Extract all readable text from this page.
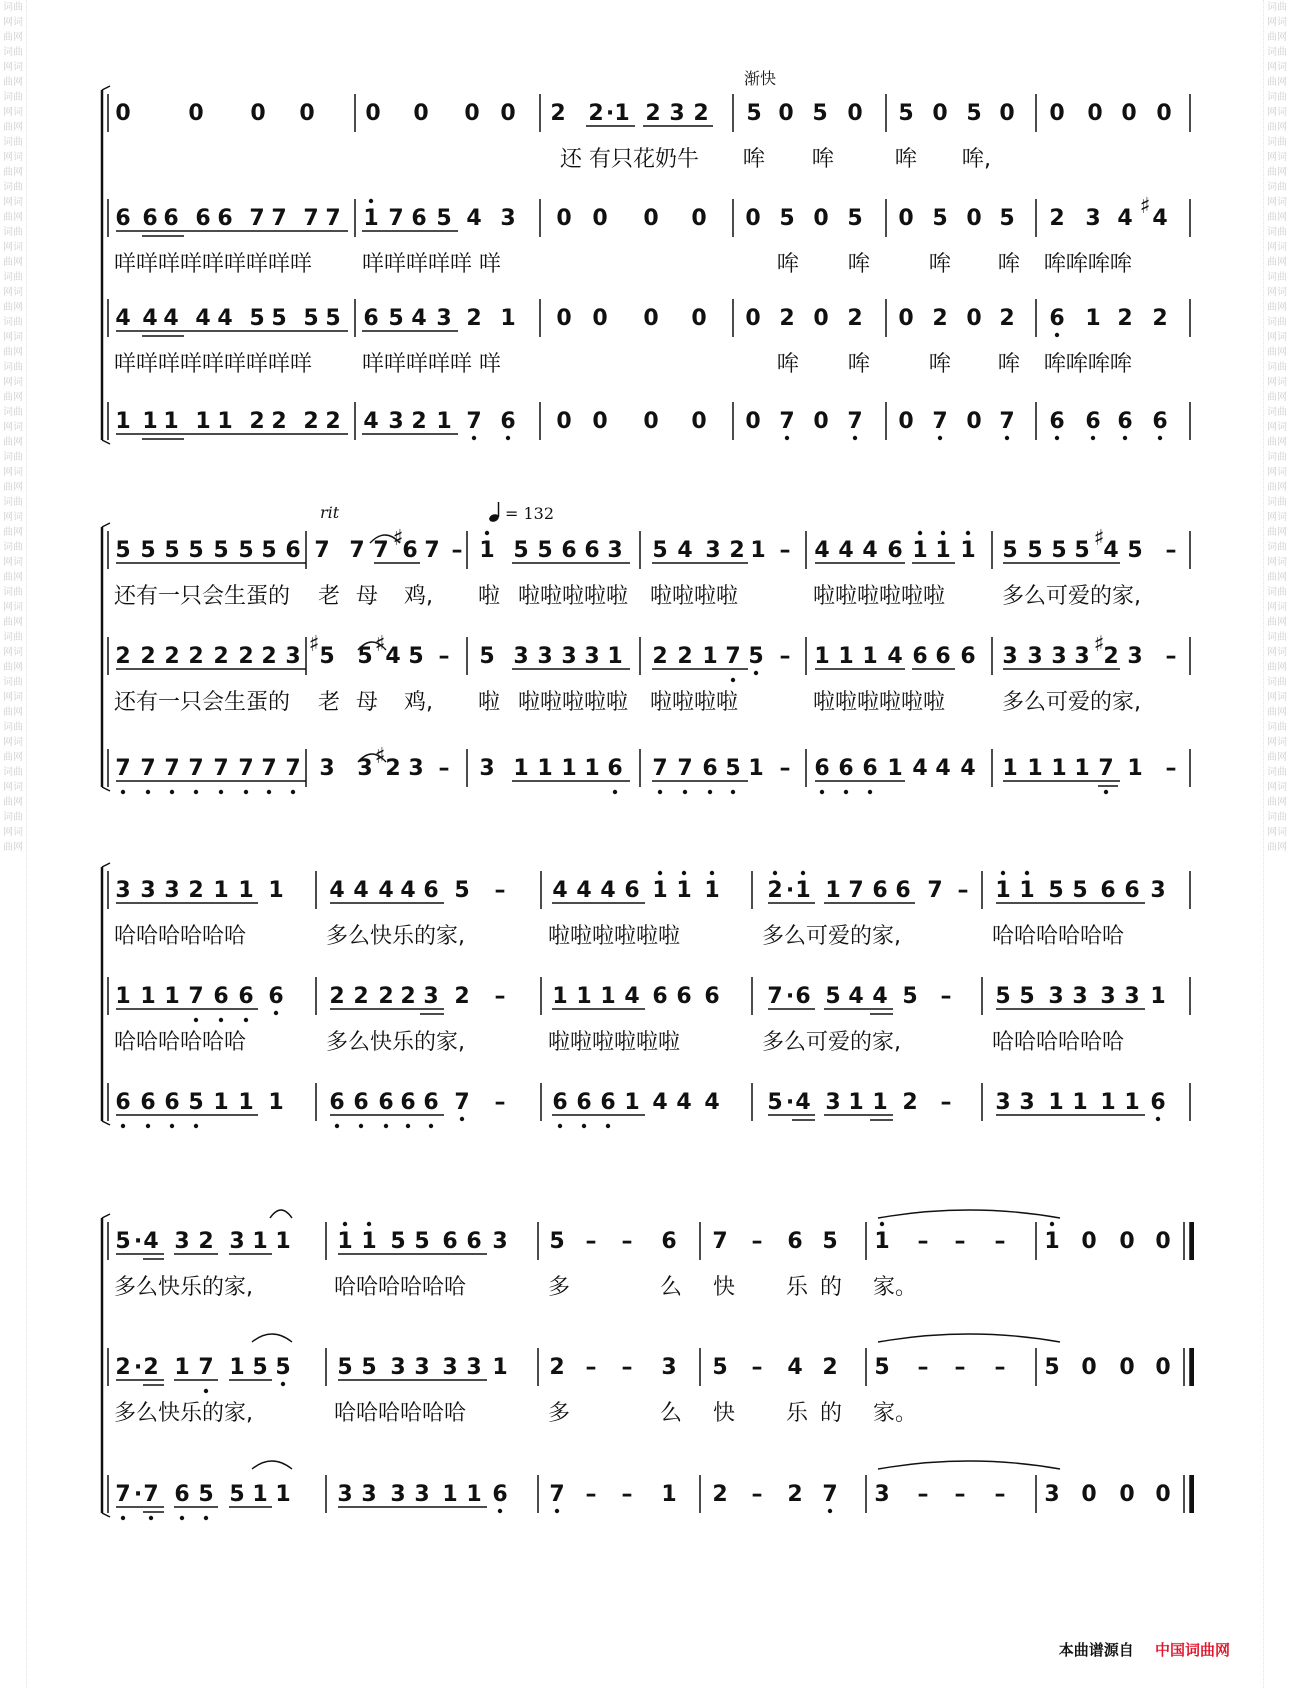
词曲网词曲网词曲网词曲网词曲网词曲网词曲网词曲网词曲网词曲网词曲网词曲网词曲网词曲网词曲网词曲网词曲网词曲网词曲网词曲网词曲网词曲网词曲网词曲网词曲网词曲网词曲网词曲网词曲网词曲网词曲网词曲网词曲网词曲网词曲网词曲网词曲网词曲网
词曲网词曲网词曲网词曲网词曲网词曲网词曲网词曲网词曲网词曲网词曲网词曲网词曲网词曲网词曲网词曲网词曲网词曲网词曲网词曲网词曲网词曲网词曲网词曲网词曲网词曲网词曲网词曲网词曲网词曲网词曲网词曲网词曲网词曲网词曲网词曲网词曲网词曲网
0	0 0 0 0 0 0 0 2 2 · 1 2 3 2 5 0 5 0 5 0 5 0 0 0 0 0
还 有只花奶牛 哞 哞	哞 哞,
6 6 6 6 6 7 7 7 7 1 7 6 5 4 3 0 0 0 0 0 5 0 5 0 5 0 5 2 3 4 ♯ 4
咩咩咩咩咩咩咩咩咩 咩咩咩咩咩 咩	哞 哞	哞 哞 哞哞哞哞
4 4 4 4 4 5 5 5 5 6 5 4 3 2 1 0 0 0 0 0 2 0 2 0 2 0 2 6 1 2 2
咩咩咩咩咩咩咩咩咩 咩咩咩咩咩 咩	哞 哞	哞 哞 哞哞哞哞
1 1 1 1 1 2 2 2 2 4 3 2 1 7 6 0 0 0 0 0 7 0 7 0 7 0 7 6 6 6 6
5 5 5 5 5 5 5 6 7 7 7 ♯ 6 7 – 1 5 5 6 6 3 5 4 3 2 1 – 4 4 4 6 1 1 1 5 5 5 5 ♯ 4 5 –
还有一只会生蛋的 老 母 鸡, 啦 啦啦啦啦啦 啦啦啦啦	啦啦啦啦啦啦	多么可爱的家,
2 2 2 2 2 2 2 3 ♯ 5 5 ♯ 4 5 – 5 3 3 3 3 1 2 2 1 7 5 – 1 1 1 4 6 6 6 3 3 3 3 ♯ 2 3 –
还有一只会生蛋的 老 母 鸡, 啦 啦啦啦啦啦 啦啦啦啦	啦啦啦啦啦啦	多么可爱的家,
7 7 7 7 7 7 7 7 3 3 ♯ 2 3 – 3 1 1 1 1 6 7 7 6 5 1 – 6 6 6 1 4 4 4 1 1 1 1 7 1 –
3 3 3 2 1 1 1 4 4 4 4 6 5 – 4 4 4 6 1 1 1 2 · 1 1 7 6 6 7 – 1 1 5 5 6 6 3
哈哈哈哈哈哈	多么快乐的家,	啦啦啦啦啦啦	多么可爱的家,	哈哈哈哈哈哈
1 1 1 7 6 6 6 2 2 2 2 3 2 – 1 1 1 4 6 6 6 7 · 6 5 4 4 5 – 5 5 3 3 3 3 1
哈哈哈哈哈哈	多么快乐的家,	啦啦啦啦啦啦	多么可爱的家,	哈哈哈哈哈哈
6 6 6 5 1 1 1 6 6 6 6 6 7 – 6 6 6 1 4 4 4 5 · 4 3 1 1 2 – 3 3 1 1 1 1 6
5 · 4 3 2 3 1 1 1 1 5 5 6 6 3 5 – – 6 7 – 6 5 1 – – – 1 0 0 0
多么快乐的家,	哈哈哈哈哈哈	多	么 快 乐 的 家。
2 · 2 1 7 1 5 5 5 5 3 3 3 3 1 2 – – 3 5 – 4 2 5 – – – 5 0 0 0
多么快乐的家,	哈哈哈哈哈哈	多	么 快 乐 的 家。
7 · 7 6 5 5 1 1 3 3 3 3 1 1 6 7 – – 1 2 – 2 7 3 – – – 3 0 0 0
渐快
rit	= 132
本曲谱源自 中国词曲网
